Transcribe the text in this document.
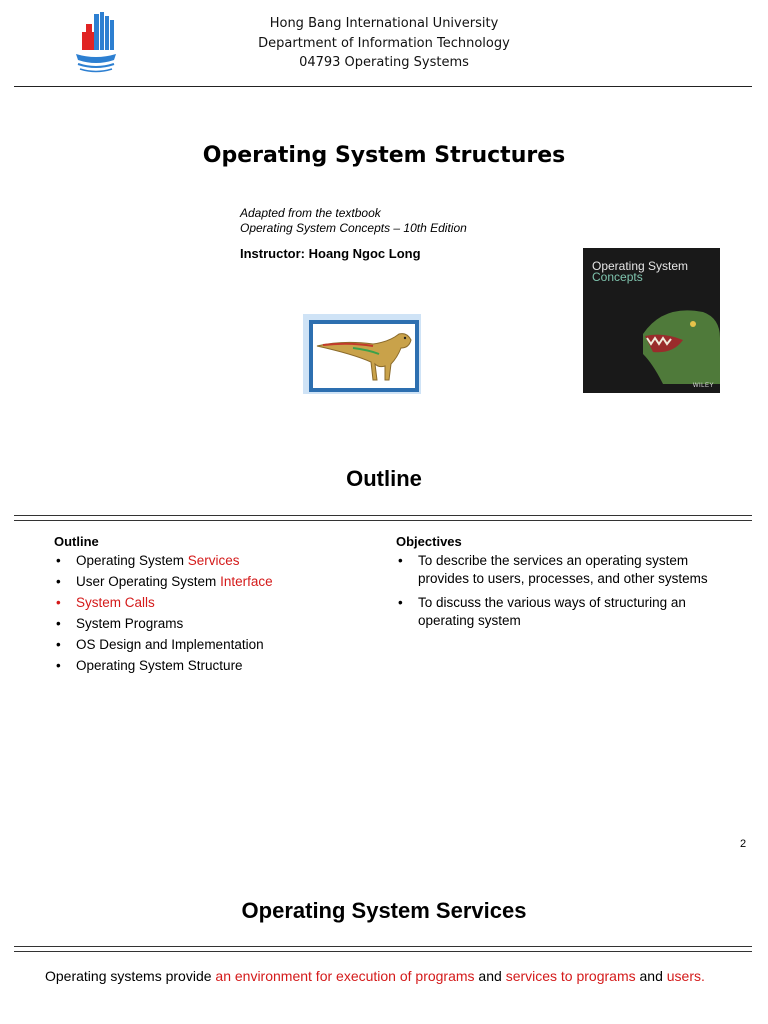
Hong Bang International University
Department of Information Technology
04793 Operating Systems
Operating System Structures
Adapted from the textbook
Operating System Concepts – 10th Edition
Instructor: Hoang Ngoc Long
Operating System
Concepts
WILEY
Outline
Outline
• Operating System Services
• User Operating System Interface
• System Calls
• System Programs
• OS Design and Implementation
• Operating System Structure
Objectives
• To describe the services an operating system provides to users, processes, and other systems
• To discuss the various ways of structuring an operating system
2
Operating System Services
Operating systems provide an environment for execution of programs and services to programs and users.
